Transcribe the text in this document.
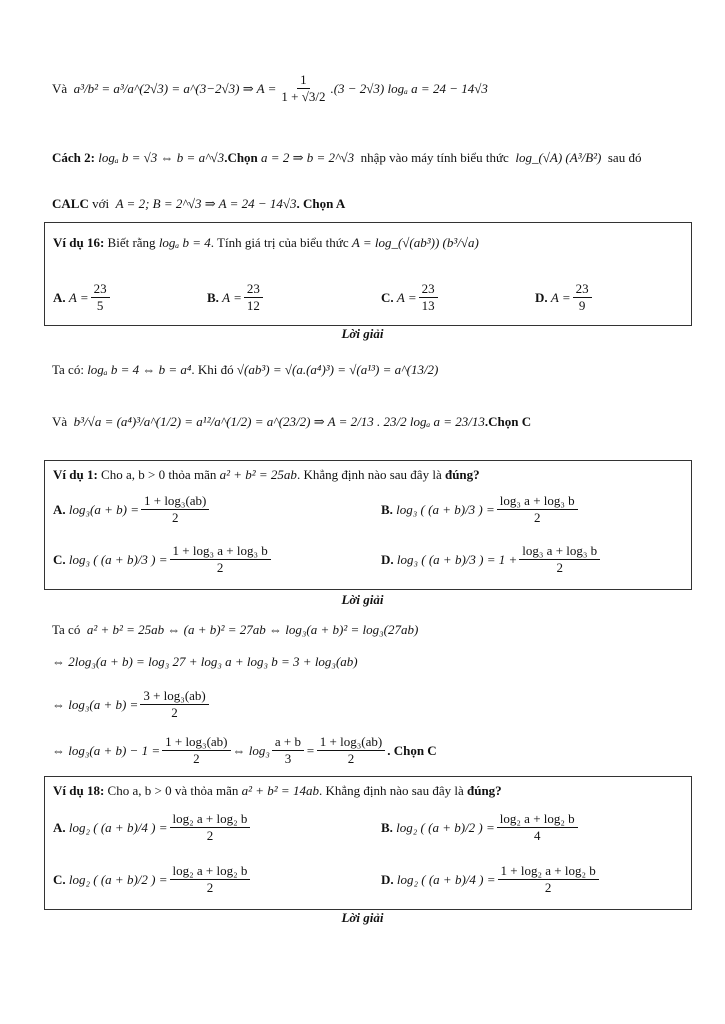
Và
a³/b² = a³/a^(2√3) = a^(3−2√3) ⇒ $A = \frac{1}{1 + √3/2} .(3 - 2√3)$ logₐ a = 24 − 14√3
Cách 2:
logₐ b = √3 ⇔ b = a^√3 .Chọn
a = 2 ⇒ b = 2^√3
nhập vào máy tính biểu thức
log_(√A) (A³/B²)
sau đó
CALC
với
A = 2; B = 2^√3 ⇒ A = 24 − 14√3 . Chọn A
Ví dụ 16:
Biết rằng
logₐ b = 4 . Tính giá trị của biểu thức
A = log_(√(ab³)) (b³/√a)
A.
$A = \frac{23}{5}$	B.
$A = \frac{23}{12}$	C.
$A = \frac{23}{13}$	D.
$A = \frac{23}{9}$
Lời giải
Ta có:
logₐ b = 4 ⇔ b = a⁴ . Khi đó
√(ab³) = √(a.(a⁴)³) = √(a¹³) = a^(13/2)
Và
b³/√a = (a⁴)³/a^(1/2) = a¹²/a^(1/2) = a^(23/2) ⇒ A = 2/13 . 23/2 logₐ a = 23/13 .Chọn C
Ví dụ 1:
Cho a, b > 0 thỏa mãn
a² + b² = 25ab . Khẳng định nào sau đây là
đúng?
A.
$\log_3(a + b) = \frac{\text{1 + log₃(ab)}}{2}$	B.
log₃ ( (a + b)/3 ) = $\frac{\text{log₃ a + log₃ b}}{2}$
C.
log₃ ( (a + b)/3 ) = $\frac{\text{1 + log₃ a + log₃ b}}{2}$	D.
log₃ ( (a + b)/3 ) = $1 + \frac{\text{log₃ a + log₃ b}}{2}$
Lời giải
Ta có
a² + b² = 25ab ⇔ (a + b)² = 27ab ⇔ log₃(a + b)² = log₃(27ab)
⇔ 2log₃(a + b) = log₃ 27 + log₃ a + log₃ b = 3 + log₃(ab)
⇔ $\log_3(a + b) = \frac{\text{3 + log₃(ab)}}{2}$
⇔ $\log_3(a + b) - 1 = \frac{\text{1 + log₃(ab)}}{2}$ ⇔ $\log_3 \frac{a + b}{3} = \frac{\text{1 + log₃(ab)}}{2}$ . Chọn C
Ví dụ 18:
Cho a, b > 0 và thỏa mãn
a² + b² = 14ab . Khẳng định nào sau đây là
đúng?
A.
log₂ ( (a + b)/4 ) = $\frac{\text{log₂ a + log₂ b}}{2}$	B.
log₂ ( (a + b)/2 ) = $\frac{\text{log₂ a + log₂ b}}{4}$
C.
log₂ ( (a + b)/2 ) = $\frac{\text{log₂ a + log₂ b}}{2}$	D.
log₂ ( (a + b)/4 ) = $\frac{\text{1 + log₂ a + log₂ b}}{2}$
Lời giải
